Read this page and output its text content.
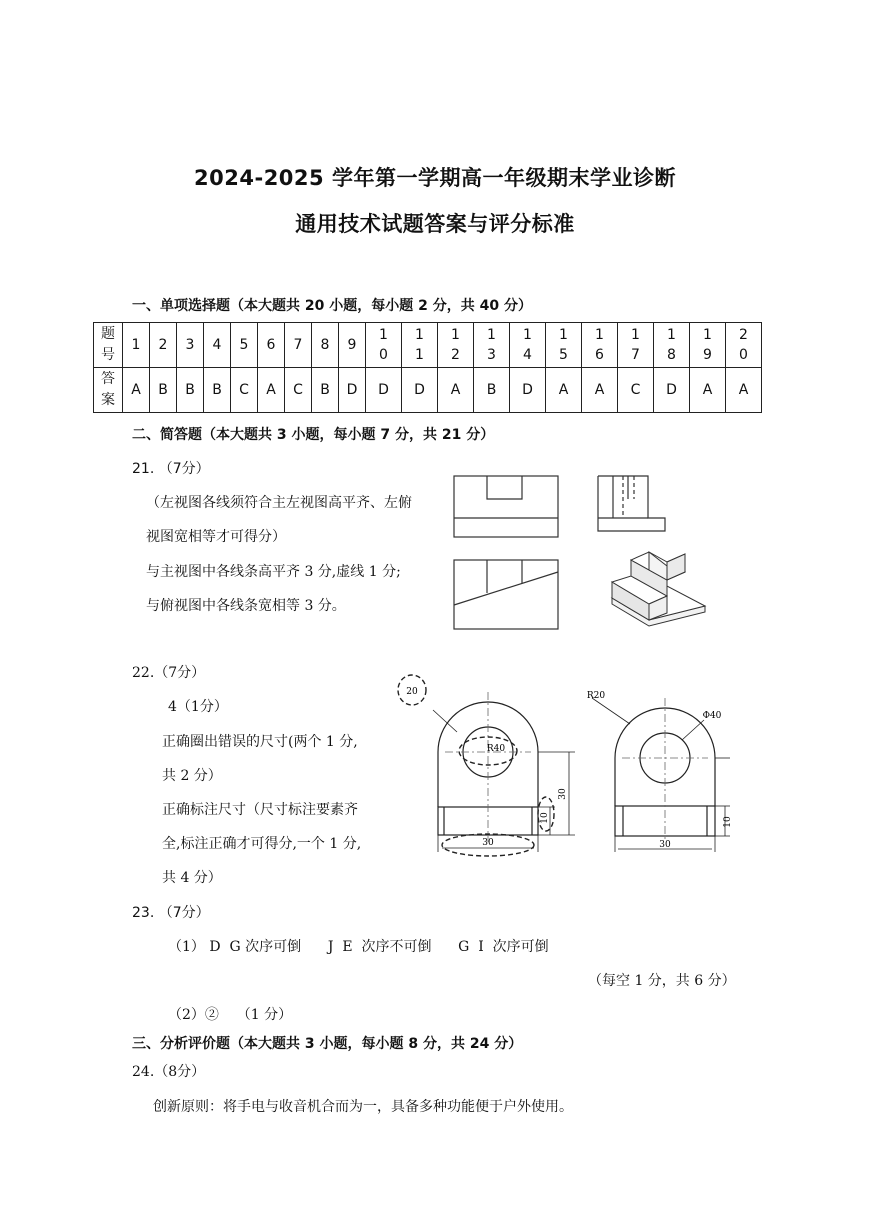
2024-2025 学年第一学期高一年级期末学业诊断
通用技术试题答案与评分标准
一、单项选择题（本大题共 20 小题，每小题 2 分，共 40 分）
题号	1	2	3	4	5	6	7	8	9	10	11	12	13	14	15	16	17	18	19	20
答案	A	B	B	B	C	A	C	B	D	D	D	A	B	D	A	A	C	D	A	A
二、简答题（本大题共 3 小题，每小题 7 分，共 21 分）
21. （7分）
（左视图各线须符合主左视图高平齐、左俯
视图宽相等才可得分）
与主视图中各线条高平齐 3 分,虚线 1 分;
与俯视图中各线条宽相等 3 分。
22.（7分）
4（1分）
正确圈出错误的尺寸(两个 1 分,
共 2 分）
正确标注尺寸（尺寸标注要素齐
全,标注正确才可得分,一个 1 分,
共 4 分）
20
R40
30
10
30
R20
Φ40
10
30
23. （7分）
（1） D  G 次序可倒      J  E  次序不可倒      G  I  次序可倒
（每空 1 分，共 6 分）
（2）②    （1 分）
三、分析评价题（本大题共 3 小题，每小题 8 分，共 24 分）
24.（8分）
创新原则：将手电与收音机合而为一，具备多种功能便于户外使用。
